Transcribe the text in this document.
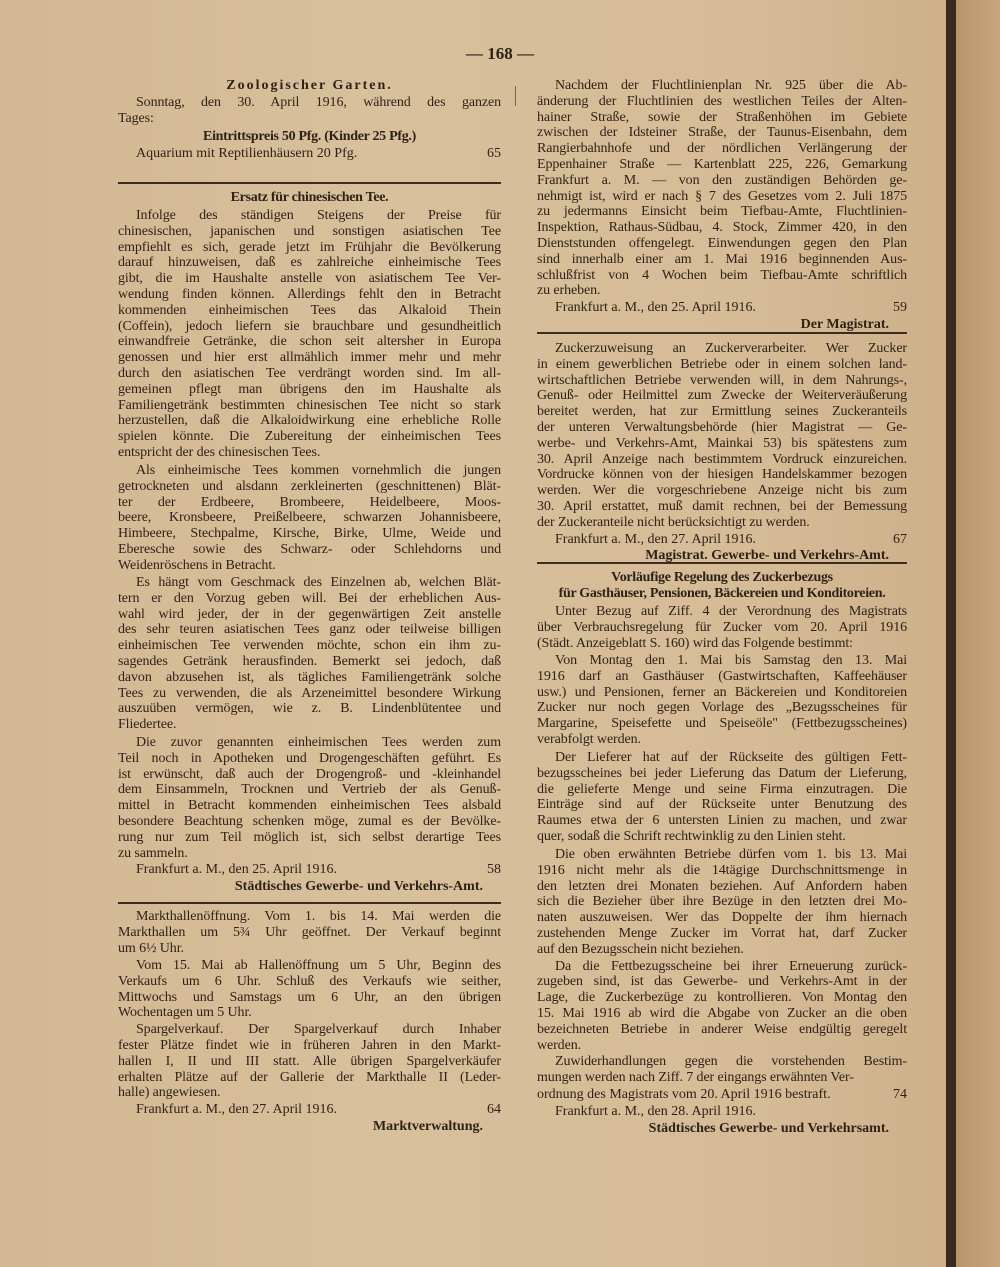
— 168 —
Zoologischer Garten.
Sonntag, den 30. April 1916, während des ganzen
Tages:
Eintrittspreis 50 Pfg. (Kinder 25 Pfg.)
Aquarium mit Reptilienhäusern 20 Pfg.	65
Ersatz für chinesischen Tee.
Infolge des ständigen Steigens der Preise für
chinesischen, japanischen und sonstigen asiatischen Tee
empfiehlt es sich, gerade jetzt im Frühjahr die Bevölkerung
darauf hinzuweisen, daß es zahlreiche einheimische Tees
gibt, die im Haushalte anstelle von asiatischem Tee Ver-
wendung finden können. Allerdings fehlt den in Betracht
kommenden einheimischen Tees das Alkaloid Thein
(Coffein), jedoch liefern sie brauchbare und gesundheitlich
einwandfreie Getränke, die schon seit altersher in Europa
genossen und hier erst allmählich immer mehr und mehr
durch den asiatischen Tee verdrängt worden sind. Im all-
gemeinen pflegt man übrigens den im Haushalte als
Familiengetränk bestimmten chinesischen Tee nicht so stark
herzustellen, daß die Alkaloidwirkung eine erhebliche Rolle
spielen könnte. Die Zubereitung der einheimischen Tees
entspricht der des chinesischen Tees.
Als einheimische Tees kommen vornehmlich die jungen
getrockneten und alsdann zerkleinerten (geschnittenen) Blät-
ter der Erdbeere, Brombeere, Heidelbeere, Moos-
beere, Kronsbeere, Preißelbeere, schwarzen Johannisbeere,
Himbeere, Stechpalme, Kirsche, Birke, Ulme, Weide und
Eberesche sowie des Schwarz- oder Schlehdorns und
Weidenröschens in Betracht.
Es hängt vom Geschmack des Einzelnen ab, welchen Blät-
tern er den Vorzug geben will. Bei der erheblichen Aus-
wahl wird jeder, der in der gegenwärtigen Zeit anstelle
des sehr teuren asiatischen Tees ganz oder teilweise billigen
einheimischen Tee verwenden möchte, schon ein ihm zu-
sagendes Getränk herausfinden. Bemerkt sei jedoch, daß
davon abzusehen ist, als tägliches Familiengetränk solche
Tees zu verwenden, die als Arzeneimittel besondere Wirkung
auszuüben vermögen, wie z. B. Lindenblütentee und
Fliedertee.
Die zuvor genannten einheimischen Tees werden zum
Teil noch in Apotheken und Drogengeschäften geführt. Es
ist erwünscht, daß auch der Drogengroß- und -kleinhandel
dem Einsammeln, Trocknen und Vertrieb der als Genuß-
mittel in Betracht kommenden einheimischen Tees alsbald
besondere Beachtung schenken möge, zumal es der Bevölke-
rung nur zum Teil möglich ist, sich selbst derartige Tees
zu sammeln.
Frankfurt a. M., den 25. April 1916.	58
Städtisches Gewerbe- und Verkehrs-Amt.
Markthallenöffnung. Vom 1. bis 14. Mai werden die
Markthallen um 5¾ Uhr geöffnet. Der Verkauf beginnt
um 6½ Uhr.
Vom 15. Mai ab Hallenöffnung um 5 Uhr, Beginn des
Verkaufs um 6 Uhr. Schluß des Verkaufs wie seither,
Mittwochs und Samstags um 6 Uhr, an den übrigen
Wochentagen um 5 Uhr.
Spargelverkauf. Der Spargelverkauf durch Inhaber
fester Plätze findet wie in früheren Jahren in den Markt-
hallen I, II und III statt. Alle übrigen Spargelverkäufer
erhalten Plätze auf der Gallerie der Markthalle II (Leder-
halle) angewiesen.
Frankfurt a. M., den 27. April 1916.	64
Marktverwaltung.
Nachdem der Fluchtlinienplan Nr. 925 über die Ab-
änderung der Fluchtlinien des westlichen Teiles der Alten-
hainer Straße, sowie der Straßenhöhen im Gebiete
zwischen der Idsteiner Straße, der Taunus-Eisenbahn, dem
Rangierbahnhofe und der nördlichen Verlängerung der
Eppenhainer Straße — Kartenblatt 225, 226, Gemarkung
Frankfurt a. M. — von den zuständigen Behörden ge-
nehmigt ist, wird er nach § 7 des Gesetzes vom 2. Juli 1875
zu jedermanns Einsicht beim Tiefbau-Amte, Fluchtlinien-
Inspektion, Rathaus-Südbau, 4. Stock, Zimmer 420, in den
Dienststunden offengelegt. Einwendungen gegen den Plan
sind innerhalb einer am 1. Mai 1916 beginnenden Aus-
schlußfrist von 4 Wochen beim Tiefbau-Amte schriftlich
zu erheben.
Frankfurt a. M., den 25. April 1916.	59
Der Magistrat.
Zuckerzuweisung an Zuckerverarbeiter. Wer Zucker
in einem gewerblichen Betriebe oder in einem solchen land-
wirtschaftlichen Betriebe verwenden will, in dem Nahrungs-,
Genuß- oder Heilmittel zum Zwecke der Weiterveräußerung
bereitet werden, hat zur Ermittlung seines Zuckeranteils
der unteren Verwaltungsbehörde (hier Magistrat — Ge-
werbe- und Verkehrs-Amt, Mainkai 53) bis spätestens zum
30. April Anzeige nach bestimmtem Vordruck einzureichen.
Vordrucke können von der hiesigen Handelskammer bezogen
werden. Wer die vorgeschriebene Anzeige nicht bis zum
30. April erstattet, muß damit rechnen, bei der Bemessung
der Zuckeranteile nicht berücksichtigt zu werden.
Frankfurt a. M., den 27. April 1916.	67
Magistrat. Gewerbe- und Verkehrs-Amt.
Vorläufige Regelung des Zuckerbezugs
für Gasthäuser, Pensionen, Bäckereien und Konditoreien.
Unter Bezug auf Ziff. 4 der Verordnung des Magistrats
über Verbrauchsregelung für Zucker vom 20. April 1916
(Städt. Anzeigeblatt S. 160) wird das Folgende bestimmt:
Von Montag den 1. Mai bis Samstag den 13. Mai
1916 darf an Gasthäuser (Gastwirtschaften, Kaffeehäuser
usw.) und Pensionen, ferner an Bäckereien und Konditoreien
Zucker nur noch gegen Vorlage des „Bezugsscheines für
Margarine, Speisefette und Speiseöle" (Fettbezugsscheines)
verabfolgt werden.
Der Lieferer hat auf der Rückseite des gültigen Fett-
bezugsscheines bei jeder Lieferung das Datum der Lieferung,
die gelieferte Menge und seine Firma einzutragen. Die
Einträge sind auf der Rückseite unter Benutzung des
Raumes etwa der 6 untersten Linien zu machen, und zwar
quer, sodaß die Schrift rechtwinklig zu den Linien steht.
Die oben erwähnten Betriebe dürfen vom 1. bis 13. Mai
1916 nicht mehr als die 14tägige Durchschnittsmenge in
den letzten drei Monaten beziehen. Auf Anfordern haben
sich die Bezieher über ihre Bezüge in den letzten drei Mo-
naten auszuweisen. Wer das Doppelte der ihm hiernach
zustehenden Menge Zucker im Vorrat hat, darf Zucker
auf den Bezugsschein nicht beziehen.
Da die Fettbezugsscheine bei ihrer Erneuerung zurück-
zugeben sind, ist das Gewerbe- und Verkehrs-Amt in der
Lage, die Zuckerbezüge zu kontrollieren. Von Montag den
15. Mai 1916 ab wird die Abgabe von Zucker an die oben
bezeichneten Betriebe in anderer Weise endgültig geregelt
werden.
Zuwiderhandlungen gegen die vorstehenden Bestim-
mungen werden nach Ziff. 7 der eingangs erwähnten Ver-
ordnung des Magistrats vom 20. April 1916 bestraft.	74
Frankfurt a. M., den 28. April 1916.
Städtisches Gewerbe- und Verkehrsamt.
